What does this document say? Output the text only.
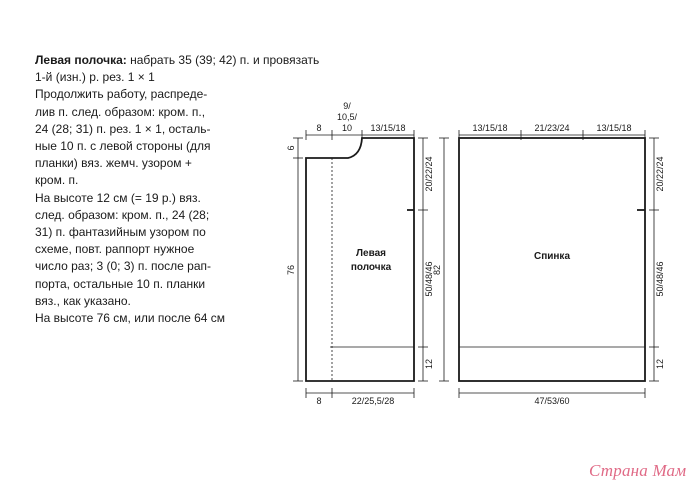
Левая полочка: набрать 35 (39; 42) п. и провязать
1-й (изн.) р. рез. 1 × 1
Продолжить работу, распреде-
лив п. след. образом: кром. п.,
24 (28; 31) п. рез. 1 × 1, осталь-
ные 10 п. с левой стороны (для
планки) вяз. жемч. узором +
кром. п.
На высоте 12 см (= 19 р.) вяз.
след. образом: кром. п., 24 (28;
31) п. фантазийным узором по
схеме, повт. раппорт нужное
число раз; 3 (0; 3) п. после рап-
порта, остальные 10 п. планки
вяз., как указано.
На высоте 76 см, или после 64 см
Левая
полочка
8
9/
10,5/
10 13/15/18
8	22/25,5/28
6
76
20/22/24
50/48/46
12
Спинка
13/15/18	21/23/24	13/15/18
47/53/60
82
20/22/24
50/48/46
12
Страна Мам
